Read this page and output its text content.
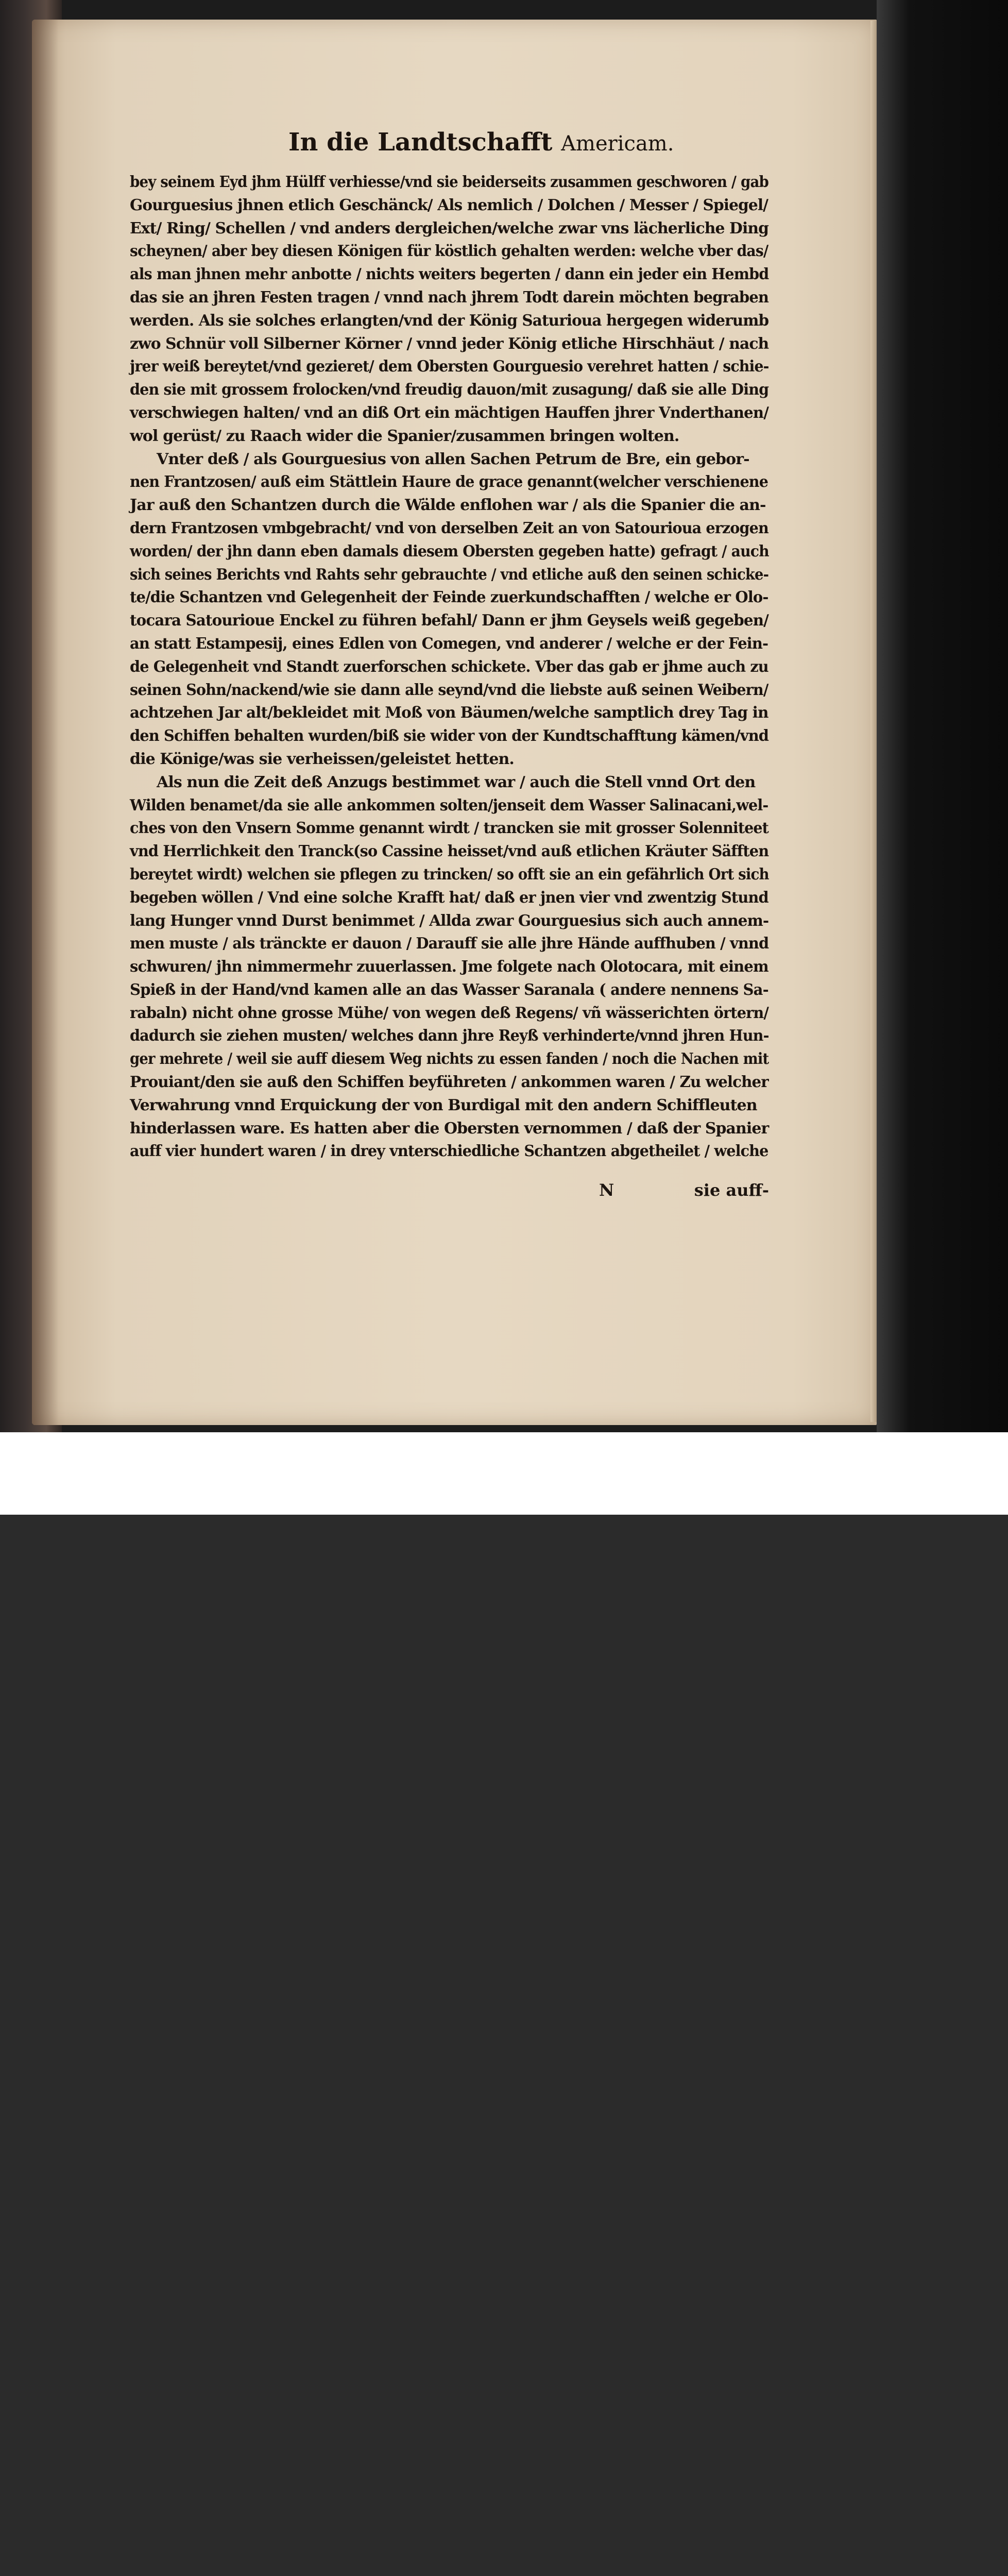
In die Landtschafft Americam.
bey seinem Eyd jhm Hülff verhiesse/vnd sie beiderseits zusammen geschworen / gab
Gourguesius jhnen etlich Geschänck/ Als nemlich / Dolchen / Messer / Spiegel/
Ext/ Ring/ Schellen / vnd anders dergleichen/welche zwar vns lächerliche Ding
scheynen/ aber bey diesen Königen für köstlich gehalten werden: welche vber das/
als man jhnen mehr anbotte / nichts weiters begerten / dann ein jeder ein Hembd
das sie an jhren Festen tragen / vnnd nach jhrem Todt darein möchten begraben
werden. Als sie solches erlangten/vnd der König Saturioua hergegen widerumb
zwo Schnür voll Silberner Körner / vnnd jeder König etliche Hirschhäut / nach
jrer weiß bereytet/vnd gezieret/ dem Obersten Gourguesio verehret hatten / schie-
den sie mit grossem frolocken/vnd freudig dauon/mit zusagung/ daß sie alle Ding
verschwiegen halten/ vnd an diß Ort ein mächtigen Hauffen jhrer Vnderthanen/
wol gerüst/ zu Raach wider die Spanier/zusammen bringen wolten.
Vnter deß / als Gourguesius von allen Sachen Petrum de Bre, ein gebor-
nen Frantzosen/ auß eim Stättlein Haure de grace genannt(welcher verschienene
Jar auß den Schantzen durch die Wälde enflohen war / als die Spanier die an-
dern Frantzosen vmbgebracht/ vnd von derselben Zeit an von Satourioua erzogen
worden/ der jhn dann eben damals diesem Obersten gegeben hatte) gefragt / auch
sich seines Berichts vnd Rahts sehr gebrauchte / vnd etliche auß den seinen schicke-
te/die Schantzen vnd Gelegenheit der Feinde zuerkundschafften / welche er Olo-
tocara Satourioue Enckel zu führen befahl/ Dann er jhm Geysels weiß gegeben/
an statt Estampesij, eines Edlen von Comegen, vnd anderer / welche er der Fein-
de Gelegenheit vnd Standt zuerforschen schickete. Vber das gab er jhme auch zu
seinen Sohn/nackend/wie sie dann alle seynd/vnd die liebste auß seinen Weibern/
achtzehen Jar alt/bekleidet mit Moß von Bäumen/welche samptlich drey Tag in
den Schiffen behalten wurden/biß sie wider von der Kundtschafftung kämen/vnd
die Könige/was sie verheissen/geleistet hetten.
Als nun die Zeit deß Anzugs bestimmet war / auch die Stell vnnd Ort den
Wilden benamet/da sie alle ankommen solten/jenseit dem Wasser Salinacani,wel-
ches von den Vnsern Somme genannt wirdt / trancken sie mit grosser Solenniteet
vnd Herrlichkeit den Tranck(so Cassine heisset/vnd auß etlichen Kräuter Säfften
bereytet wirdt) welchen sie pflegen zu trincken/ so offt sie an ein gefährlich Ort sich
begeben wöllen / Vnd eine solche Krafft hat/ daß er jnen vier vnd zwentzig Stund
lang Hunger vnnd Durst benimmet / Allda zwar Gourguesius sich auch annem-
men muste / als tränckte er dauon / Darauff sie alle jhre Hände auffhuben / vnnd
schwuren/ jhn nimmermehr zuuerlassen. Jme folgete nach Olotocara, mit einem
Spieß in der Hand/vnd kamen alle an das Wasser Saranala ( andere nennens Sa-
rabaln) nicht ohne grosse Mühe/ von wegen deß Regens/ vñ wässerichten örtern/
dadurch sie ziehen musten/ welches dann jhre Reyß verhinderte/vnnd jhren Hun-
ger mehrete / weil sie auff diesem Weg nichts zu essen fanden / noch die Nachen mit
Prouiant/den sie auß den Schiffen beyführeten / ankommen waren / Zu welcher
Verwahrung vnnd Erquickung der von Burdigal mit den andern Schiffleuten
hinderlassen ware. Es hatten aber die Obersten vernommen / daß der Spanier
auff vier hundert waren / in drey vnterschiedliche Schantzen abgetheilet / welche
N	sie auff-
